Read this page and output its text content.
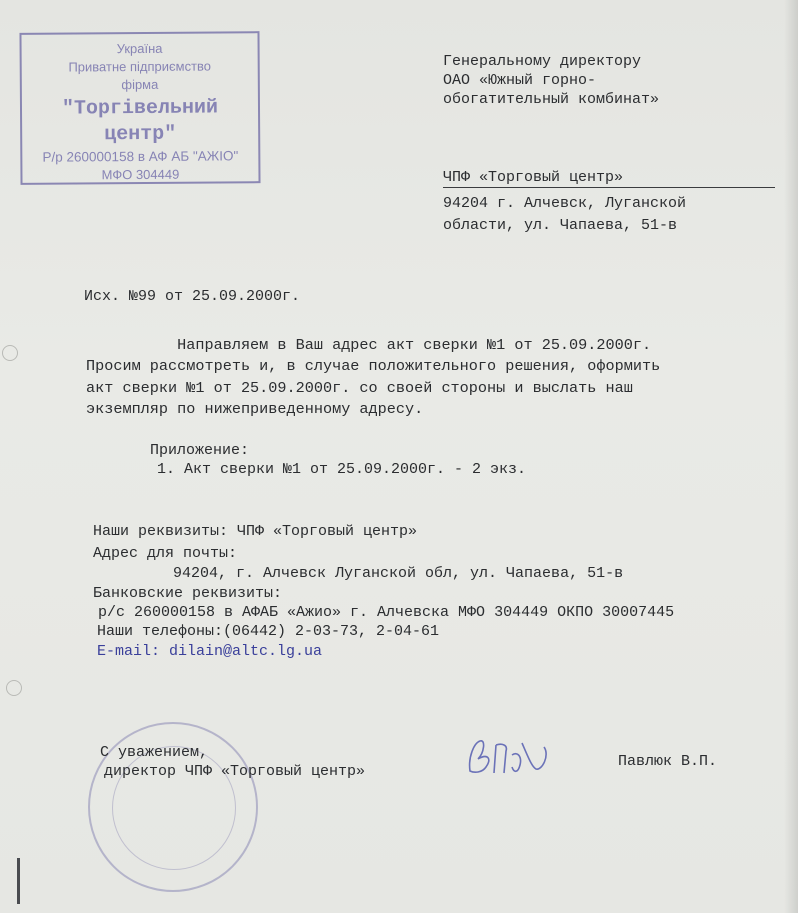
Україна
Приватне підприємство
фірма
"Торгівельний центр"
Р/р 260000158 в АФ АБ "АЖІО"
МФО 304449
Генеральному директору
ОАО «Южный горно-
обогатительный комбинат»
ЧПФ «Торговый центр»
94204 г. Алчевск, Луганской
области, ул. Чапаева, 51-в
Исх. №99 от 25.09.2000г.
Направляем в Ваш адрес акт сверки №1 от 25.09.2000г.
Просим рассмотреть и, в случае положительного решения, оформить
акт сверки №1 от 25.09.2000г. со своей стороны и выслать наш
экземпляр по нижеприведенному адресу.
Приложение:
1. Акт сверки №1 от 25.09.2000г. - 2 экз.
Наши реквизиты: ЧПФ «Торговый центр»
Адрес для почты:
94204, г. Алчевск Луганской обл, ул. Чапаева, 51-в
Банковские реквизиты:
р/с 260000158 в АФАБ «Ажио» г. Алчевска МФО 304449 ОКПО 30007445
Наши телефоны:(06442) 2-03-73, 2-04-61
E-mail: dilain@altc.lg.ua
С уважением,
директор ЧПФ «Торговый центр»
Павлюк В.П.
